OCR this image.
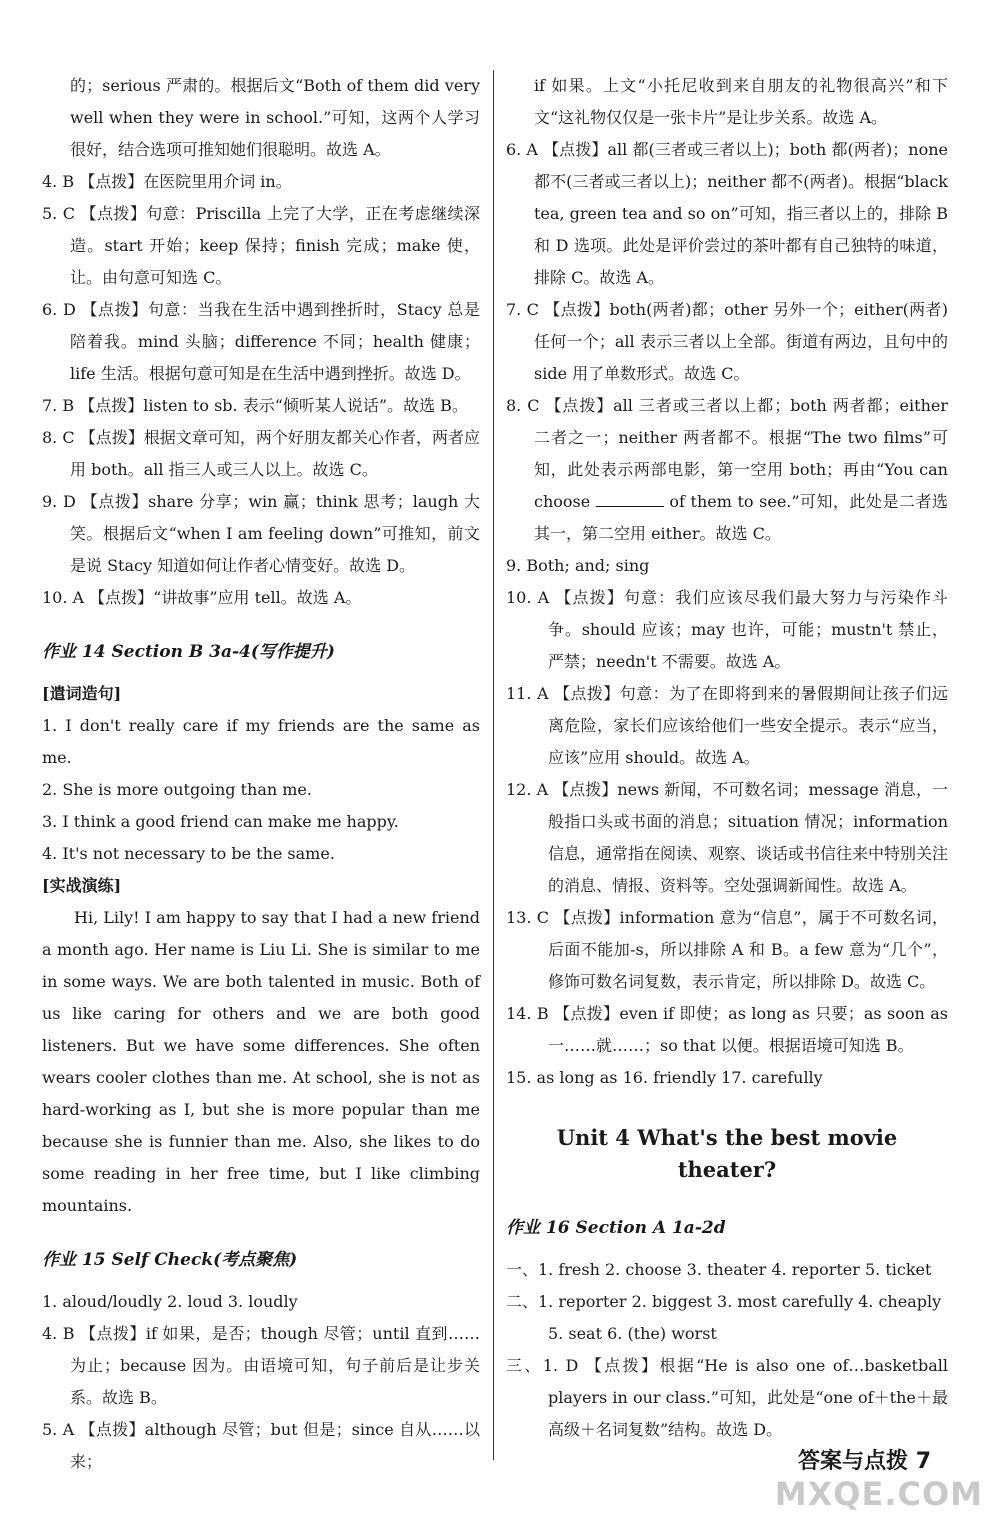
的；serious 严肃的。根据后文“Both of them did very well when they were in school.”可知，这两个人学习很好，结合选项可推知她们很聪明。故选 A。

4. B 【点拨】在医院里用介词 in。

5. C 【点拨】句意：Priscilla 上完了大学，正在考虑继续深造。start 开始；keep 保持；finish 完成；make 使，让。由句意可知选 C。

6. D 【点拨】句意：当我在生活中遇到挫折时，Stacy 总是陪着我。mind 头脑；difference 不同；health 健康；life 生活。根据句意可知是在生活中遇到挫折。故选 D。

7. B 【点拨】listen to sb. 表示“倾听某人说话”。故选 B。

8. C 【点拨】根据文章可知，两个好朋友都关心作者，两者应用 both。all 指三人或三人以上。故选 C。

9. D 【点拨】share 分享；win 赢；think 思考；laugh 大笑。根据后文“when I am feeling down”可推知，前文是说 Stacy 知道如何让作者心情变好。故选 D。

10. A 【点拨】“讲故事”应用 tell。故选 A。

作业 14 Section B 3a-4(写作提升)

[遣词造句]

1. I don't really care if my friends are the same as me.

2. She is more outgoing than me.

3. I think a good friend can make me happy.

4. It's not necessary to be the same.

[实战演练]

Hi, Lily! I am happy to say that I had a new friend a month ago. Her name is Liu Li. She is similar to me in some ways. We are both talented in music. Both of us like caring for others and we are both good listeners. But we have some differences. She often wears cooler clothes than me. At school, she is not as hard-working as I, but she is more popular than me because she is funnier than me. Also, she likes to do some reading in her free time, but I like climbing mountains.

作业 15 Self Check(考点聚焦)

1. aloud/loudly 2. loud 3. loudly

4. B 【点拨】if 如果，是否；though 尽管；until 直到……为止；because 因为。由语境可知，句子前后是让步关系。故选 B。

5. A 【点拨】although 尽管；but 但是；since 自从……以来；

if 如果。上文“小托尼收到来自朋友的礼物很高兴”和下文“这礼物仅仅是一张卡片”是让步关系。故选 A。

6. A 【点拨】all 都(三者或三者以上)；both 都(两者)；none 都不(三者或三者以上)；neither 都不(两者)。根据“black tea, green tea and so on”可知，指三者以上的，排除 B 和 D 选项。此处是评价尝过的茶叶都有自己独特的味道，排除 C。故选 A。

7. C 【点拨】both(两者)都；other 另外一个；either(两者)任何一个；all 表示三者以上全部。街道有两边，且句中的 side 用了单数形式。故选 C。

8. C 【点拨】all 三者或三者以上都；both 两者都；either 二者之一；neither 两者都不。根据“The two films”可知，此处表示两部电影，第一空用 both；再由“You can choose	of them to see.”可知，此处是二者选其一，第二空用 either。故选 C。

9. Both; and; sing

10. A 【点拨】句意：我们应该尽我们最大努力与污染作斗争。should 应该；may 也许，可能；mustn't 禁止，严禁；needn't 不需要。故选 A。

11. A 【点拨】句意：为了在即将到来的暑假期间让孩子们远离危险，家长们应该给他们一些安全提示。表示“应当，应该”应用 should。故选 A。

12. A 【点拨】news 新闻，不可数名词；message 消息，一般指口头或书面的消息；situation 情况；information 信息，通常指在阅读、观察、谈话或书信往来中特别关注的消息、情报、资料等。空处强调新闻性。故选 A。

13. C 【点拨】information 意为“信息”，属于不可数名词，后面不能加-s，所以排除 A 和 B。a few 意为“几个”，修饰可数名词复数，表示肯定，所以排除 D。故选 C。

14. B 【点拨】even if 即使；as long as 只要；as soon as 一……就……；so that 以便。根据语境可知选 B。

15. as long as 16. friendly 17. carefully

Unit 4 What's the best movie theater?

作业 16 Section A 1a-2d

一、1. fresh 2. choose 3. theater 4. reporter 5. ticket

二、1. reporter 2. biggest 3. most carefully 4. cheaply

5. seat 6. (the) worst

三、1. D 【点拨】根据“He is also one of…basketball players in our class.”可知，此处是“one of＋the＋最高级＋名词复数”结构。故选 D。

答案与点拨 7
MXQE.COM
